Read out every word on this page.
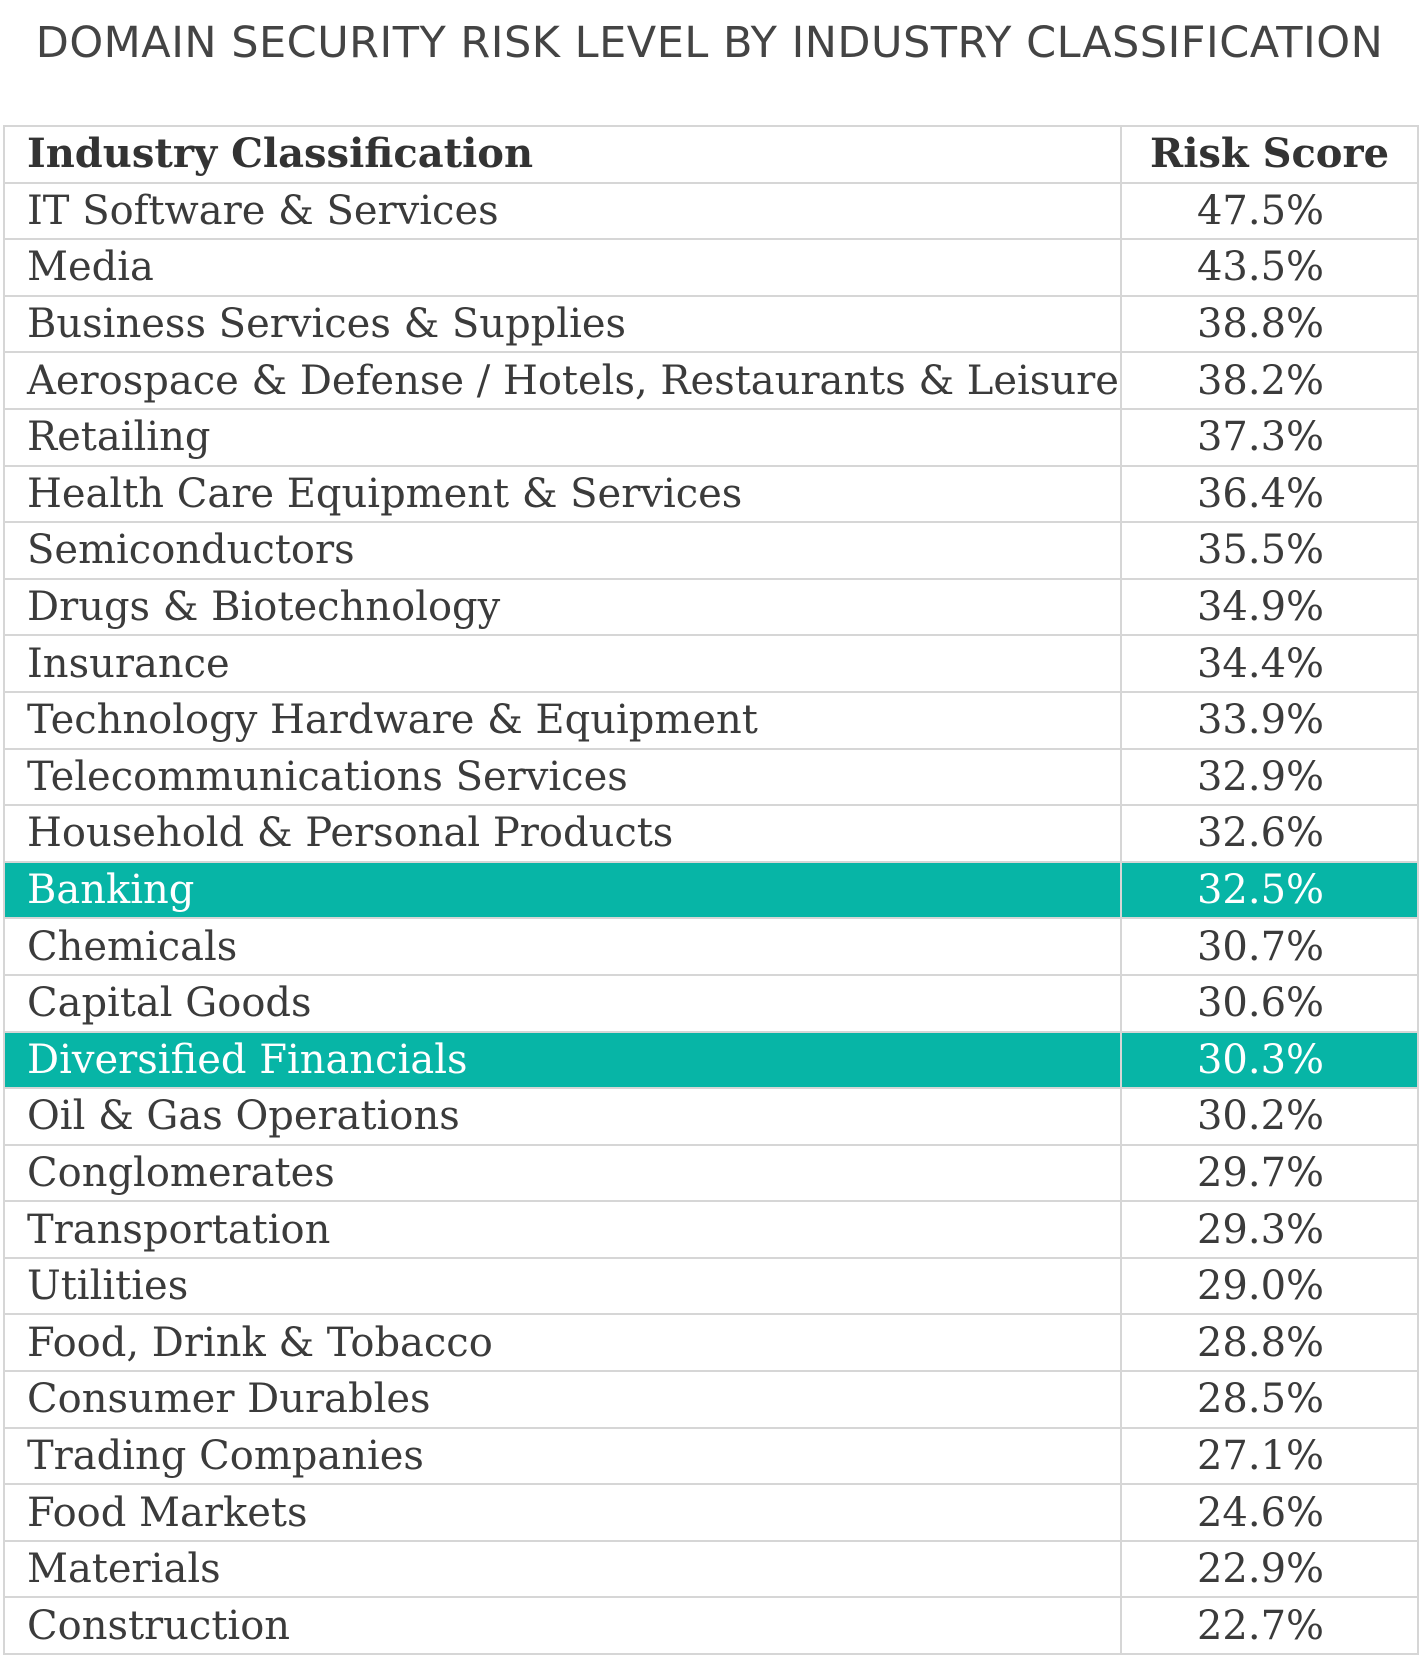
DOMAIN SECURITY RISK LEVEL BY INDUSTRY CLASSIFICATION
Industry Classification	Risk Score
IT Software & Services	47.5%
Media	43.5%
Business Services & Supplies	38.8%
Aerospace & Defense / Hotels, Restaurants & Leisure	38.2%
Retailing	37.3%
Health Care Equipment & Services	36.4%
Semiconductors	35.5%
Drugs & Biotechnology	34.9%
Insurance	34.4%
Technology Hardware & Equipment	33.9%
Telecommunications Services	32.9%
Household & Personal Products	32.6%
Banking	32.5%
Chemicals	30.7%
Capital Goods	30.6%
Diversified Financials	30.3%
Oil & Gas Operations	30.2%
Conglomerates	29.7%
Transportation	29.3%
Utilities	29.0%
Food, Drink & Tobacco	28.8%
Consumer Durables	28.5%
Trading Companies	27.1%
Food Markets	24.6%
Materials	22.9%
Construction	22.7%
